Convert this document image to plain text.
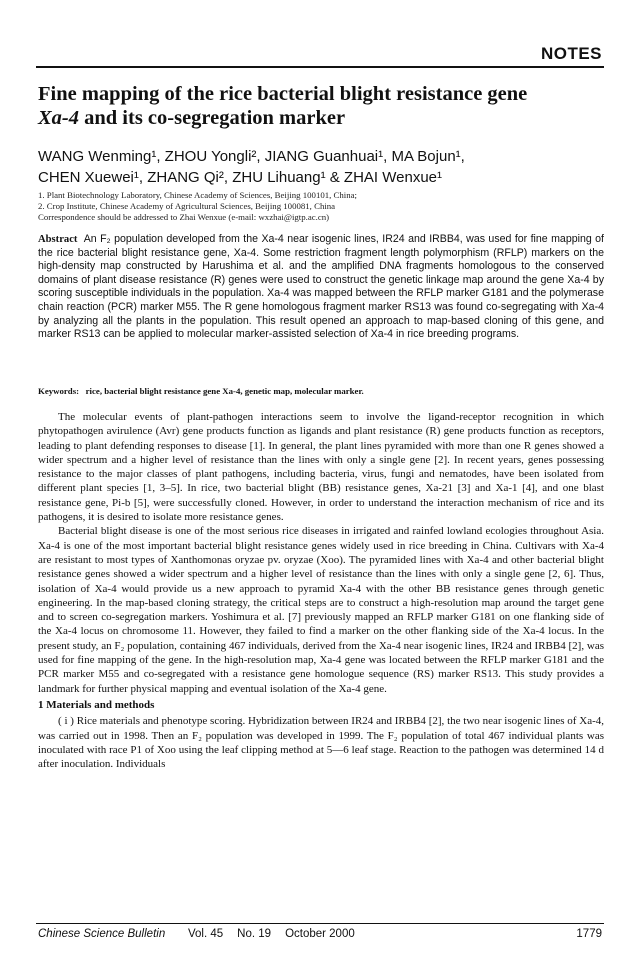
NOTES
Fine mapping of the rice bacterial blight resistance gene
Xa-4 and its co-segregation marker
WANG Wenming¹, ZHOU Yongli², JIANG Guanhuai¹, MA Bojun¹,
CHEN Xuewei¹, ZHANG Qi², ZHU Lihuang¹ & ZHAI Wenxue¹
1. Plant Biotechnology Laboratory, Chinese Academy of Sciences, Beijing 100101, China;
2. Crop Institute, Chinese Academy of Agricultural Sciences, Beijing 100081, China
Correspondence should be addressed to Zhai Wenxue (e-mail: wxzhai@igtp.ac.cn)
Abstract An F₂ population developed from the Xa-4 near isogenic lines, IR24 and IRBB4, was used for fine mapping of the rice bacterial blight resistance gene, Xa-4. Some restriction fragment length polymorphism (RFLP) markers on the high-density map constructed by Harushima et al. and the amplified DNA fragments homologous to the conserved domains of plant disease resistance (R) genes were used to construct the genetic linkage map around the gene Xa-4 by scoring susceptible individuals in the population. Xa-4 was mapped between the RFLP marker G181 and the polymerase chain reaction (PCR) marker M55. The R gene homologous fragment marker RS13 was found co-segregating with Xa-4 by analyzing all the plants in the population. This result opened an approach to map-based cloning of this gene, and marker RS13 can be applied to molecular marker-assisted selection of Xa-4 in rice breeding programs.
Keywords: rice, bacterial blight resistance gene Xa-4, genetic map, molecular marker.

The molecular events of plant-pathogen interactions seem to involve the ligand-receptor recognition in which phytopathogen avirulence (Avr) gene products function as ligands and plant resistance (R) gene products function as receptors, leading to plant defending responses to disease [1]. In general, the plant lines pyramided with more than one R genes showed a wider spectrum and a higher level of resistance than the lines with only a single gene [2]. In recent years, genes possessing resistance to the major classes of plant pathogens, including bacteria, virus, fungi and nematodes, have been isolated from different plant species [1, 3–5]. In rice, two bacterial blight (BB) resistance genes, Xa-21 [3] and Xa-1 [4], and one blast resistance gene, Pi-b [5], were successfully cloned. However, in order to understand the interaction mechanism of rice and its pathogens, it is desired to isolate more resistance genes.

Bacterial blight disease is one of the most serious rice diseases in irrigated and rainfed lowland ecologies throughout Asia. Xa-4 is one of the most important bacterial blight resistance genes widely used in rice breeding in China. Cultivars with Xa-4 are resistant to most types of Xanthomonas oryzae pv. oryzae (Xoo). The pyramided lines with Xa-4 and other bacterial blight resistance genes showed a wider spectrum and a higher level of resistance than the lines with only a single gene [2, 6]. Thus, isolation of Xa-4 would provide us a new approach to pyramid Xa-4 with the other BB resistance genes through genetic engineering. In the map-based cloning strategy, the critical steps are to construct a high-resolution map around the target gene and to screen co-segregation markers. Yoshimura et al. [7] previously mapped an RFLP marker G181 on one flanking side of the Xa-4 locus on chromosome 11. However, they failed to find a marker on the other flanking side of the Xa-4 locus. In the present study, an F₂ population, containing 467 individuals, derived from the Xa-4 near isogenic lines, IR24 and IRBB4 [2], was used for fine mapping of the gene. In the high-resolution map, Xa-4 gene was located between the RFLP marker G181 and the PCR marker M55 and co-segregated with a resistance gene homologue sequence (RS) marker RS13. This study provides a landmark for further physical mapping and eventual isolation of the Xa-4 gene.

1 Materials and methods

( i ) Rice materials and phenotype scoring. Hybridization between IR24 and IRBB4 [2], the two near isogenic lines of Xa-4, was carried out in 1998. Then an F₂ population was developed in 1999. The F₂ population of total 467 individual plants was inoculated with race P1 of Xoo using the leaf clipping method at 5—6 leaf stage. Reaction to the pathogen was determined 14 d after inoculation. Individuals

Chinese Science Bulletin	Vol. 45 No. 19 October 2000	1779
